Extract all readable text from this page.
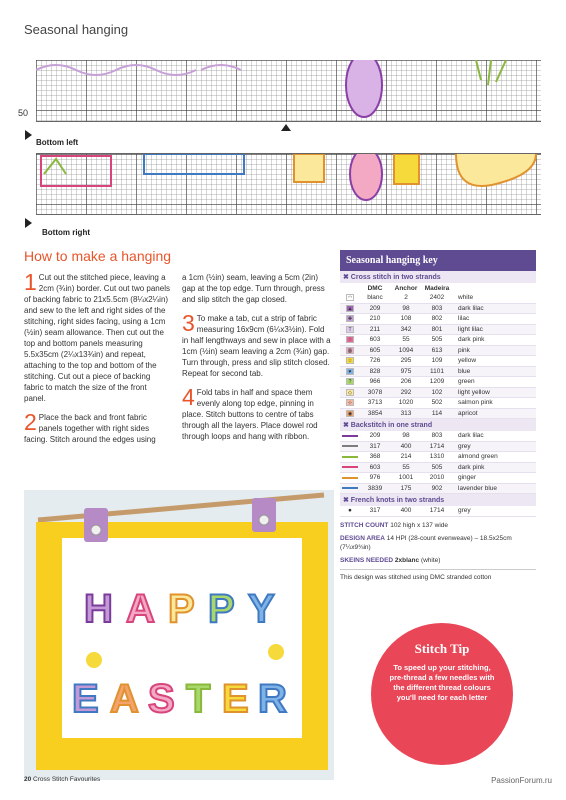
Seasonal hanging
50
Bottom left
Bottom right
How to make a hanging

1 Cut out the stitched piece, leaving a 2cm (¾in) border. Cut out two panels of backing fabric to 21x5.5cm (8¼x2¼in) and sew to the left and right sides of the stitching, right sides facing, using a 1cm (½in) seam allowance. Then cut out the top and bottom panels measuring 5.5x35cm (2¼x13¾in) and repeat, attaching to the top and bottom of the stitching. Cut out a piece of backing fabric to match the size of the front panel.

2 Place the back and front fabric panels together with right sides facing. Stitch around the edges using

a 1cm (½in) seam, leaving a 5cm (2in) gap at the top edge. Turn through, press and slip stitch the gap closed.

3 To make a tab, cut a strip of fabric measuring 16x9cm (6¼x3½in). Fold in half lengthways and sew in place with a 1cm (½in) seam leaving a 2cm (¾in) gap. Turn through, press and slip stitch closed. Repeat for second tab.

4 Fold tabs in half and space them evenly along top edge, pinning in place. Stitch buttons to centre of tabs through all the layers. Place dowel rod through loops and hang with ribbon.

Seasonal hanging key
✖ Cross stitch in two strands
DMC	Anchor	Madeira
◠	blanc	2	2402	white
▲	209	98	803	dark lilac
✚	210	108	802	lilac
T	211	342	801	light lilac
☆	603	55	505	dark pink
ꙮ	605	1094	613	pink
☆	726	295	109	yellow
♥	828	975	1101	blue
?	966	206	1209	green
◇	3078	292	102	light yellow
⊹	3713	1020	502	salmon pink
◉	3854	313	114	apricot
✖ Backstitch in one strand
209	98	803	dark lilac
317	400	1714	grey
368	214	1310	almond green
603	55	505	dark pink
976	1001	2010	ginger
3839	175	902	lavender blue
✖ French knots in two strands
●	317	400	1714	grey
STITCH COUNT 102 high x 137 wide
DESIGN AREA 14 HPI (28-count evenweave) – 18.5x25cm (7¼x9¾in)
SKEINS NEEDED 2xblanc (white)
This design was stitched using DMC stranded cotton
H A P P Y
E A S T E R
Stitch Tip
To speed up your stitching, pre-thread a few needles with the different thread colours you'll need for each letter
20 Cross Stitch Favourites	PassionForum.ru
